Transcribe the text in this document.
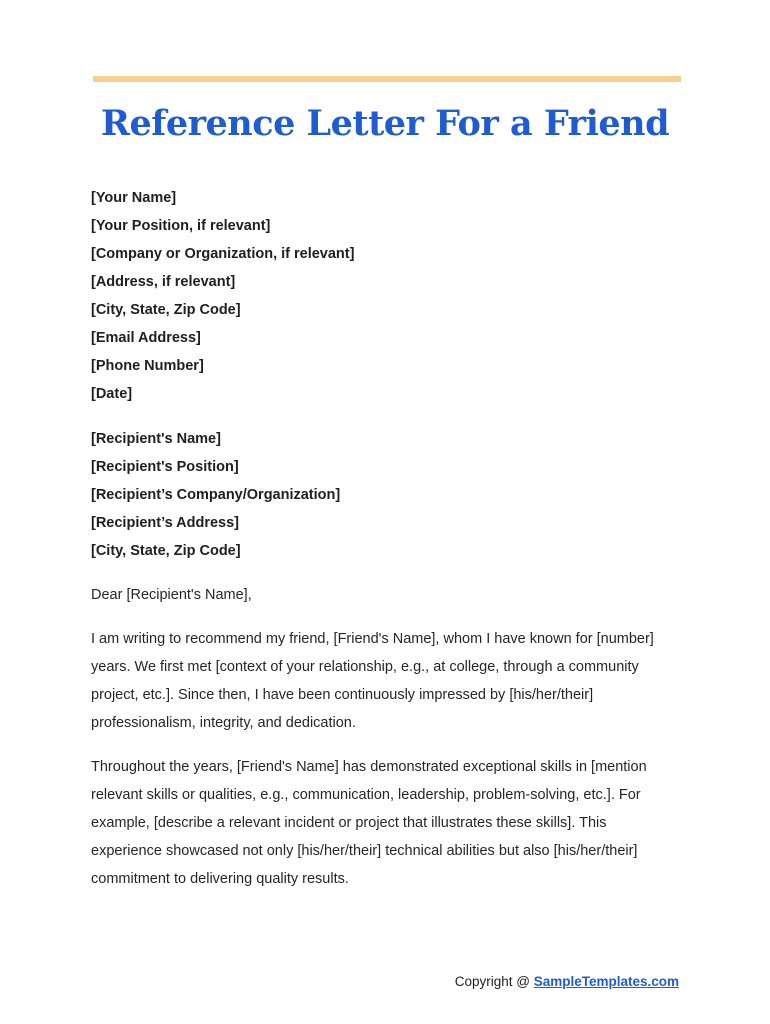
Reference Letter For a Friend
[Your Name]
[Your Position, if relevant]
[Company or Organization, if relevant]
[Address, if relevant]
[City, State, Zip Code]
[Email Address]
[Phone Number]
[Date]
[Recipient's Name]
[Recipient's Position]
[Recipient’s Company/Organization]
[Recipient’s Address]
[City, State, Zip Code]
Dear [Recipient's Name],
I am writing to recommend my friend, [Friend's Name], whom I have known for [number]
years. We first met [context of your relationship, e.g., at college, through a community
project, etc.]. Since then, I have been continuously impressed by [his/her/their]
professionalism, integrity, and dedication.
Throughout the years, [Friend's Name] has demonstrated exceptional skills in [mention
relevant skills or qualities, e.g., communication, leadership, problem-solving, etc.]. For
example, [describe a relevant incident or project that illustrates these skills]. This
experience showcased not only [his/her/their] technical abilities but also [his/her/their]
commitment to delivering quality results.
Copyright @ SampleTemplates.com
